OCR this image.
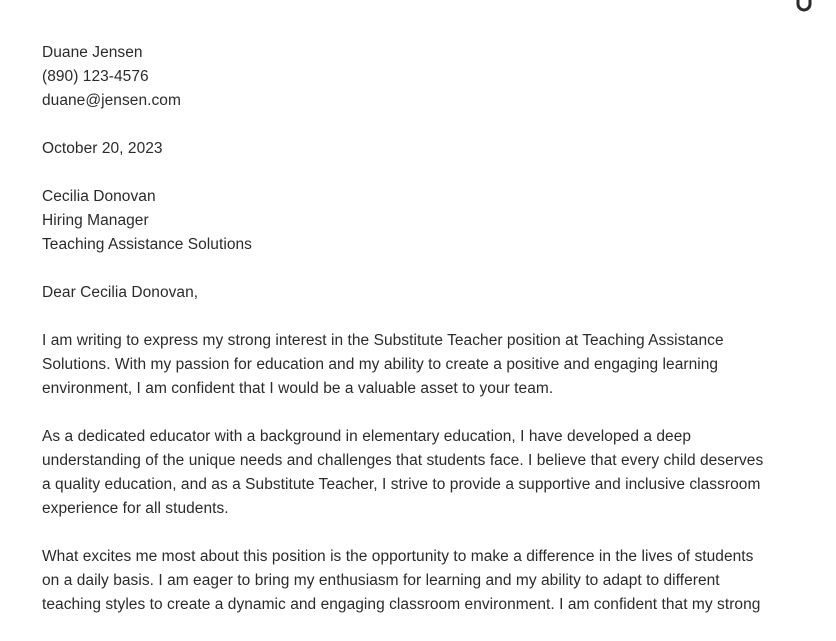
Duane Jensen
(890) 123-4576
duane@jensen.com
October 20, 2023
Cecilia Donovan
Hiring Manager
Teaching Assistance Solutions
Dear Cecilia Donovan,
I am writing to express my strong interest in the Substitute Teacher position at Teaching Assistance
Solutions. With my passion for education and my ability to create a positive and engaging learning
environment, I am confident that I would be a valuable asset to your team.
As a dedicated educator with a background in elementary education, I have developed a deep
understanding of the unique needs and challenges that students face. I believe that every child deserves
a quality education, and as a Substitute Teacher, I strive to provide a supportive and inclusive classroom
experience for all students.
What excites me most about this position is the opportunity to make a difference in the lives of students
on a daily basis. I am eager to bring my enthusiasm for learning and my ability to adapt to different
teaching styles to create a dynamic and engaging classroom environment. I am confident that my strong
